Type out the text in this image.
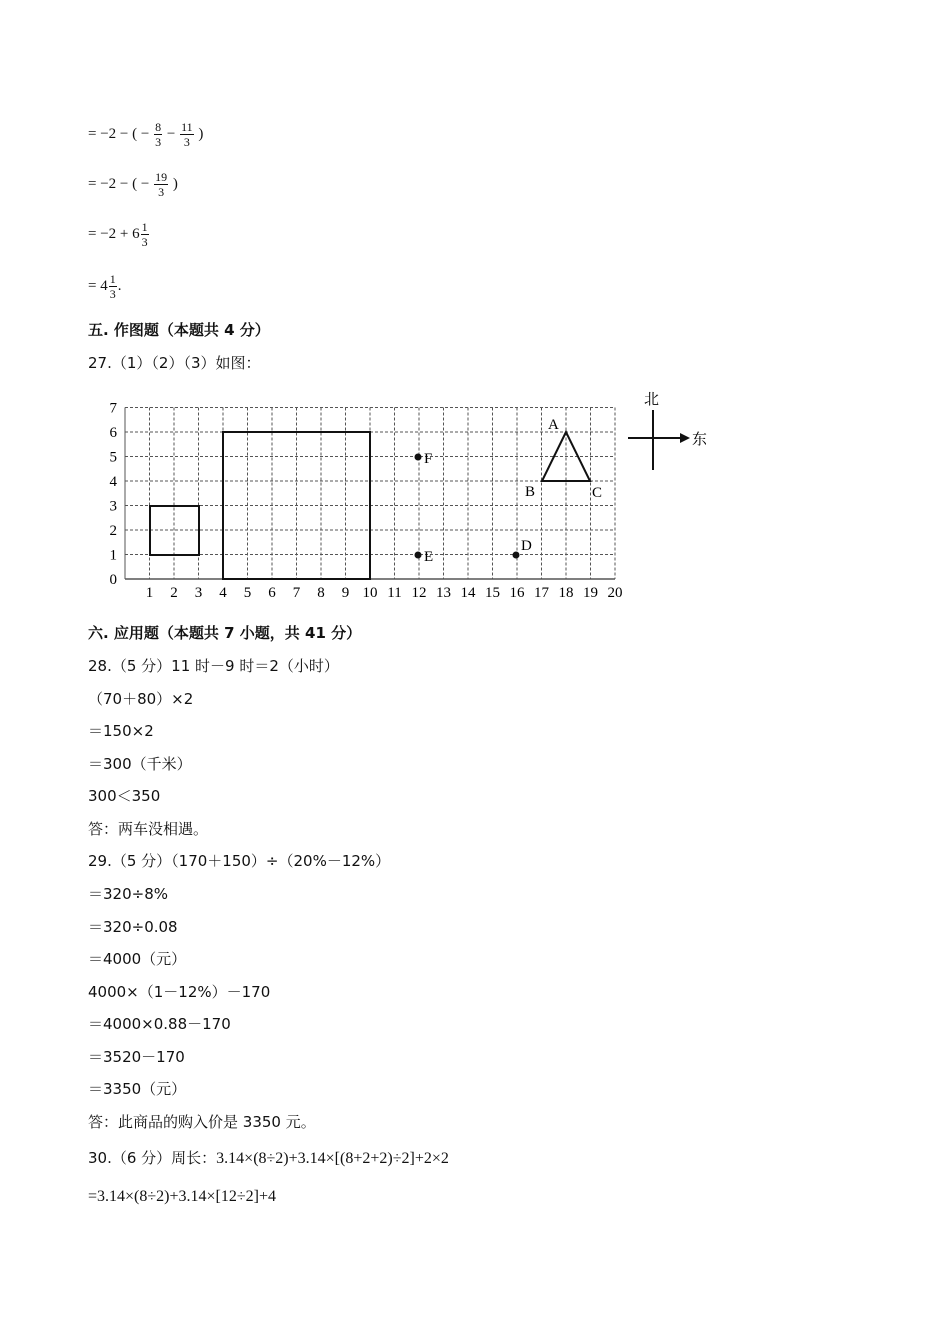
= −2 − ( − $\frac{8}{3} - \frac{11}{3}$ )
= −2 − ( − $\frac{19}{3}$ )
= $-2 + 6 \frac{1}{3}$
= $4 \frac{1}{3}$ .
五. 作图题（本题共 4 分）
27.（1）（2）（3）如图：
1 2 3 4 5 6 7 8 9 10 11 12 13 14 15 16 17 18 19 20
0
1
2
3
4
5
6
7
F
E
D
A
B	C
北
东
六. 应用题（本题共 7 小题，共 41 分）
28.（5 分）11 时－9 时＝2（小时）
（70＋80）×2
＝150×2
＝300（千米）
300＜350
答：两车没相遇。
29.（5 分）（170＋150）÷（20%－12%）
＝320÷8%
＝320÷0.08
＝4000（元）
4000×（1－12%）－170
＝4000×0.88－170
＝3520－170
＝3350（元）
答：此商品的购入价是 3350 元。
30.（6 分）周长：3.14×(8÷2)+3.14×[(8+2+2)÷2]+2×2
=3.14×(8÷2)+3.14×[12÷2]+4
